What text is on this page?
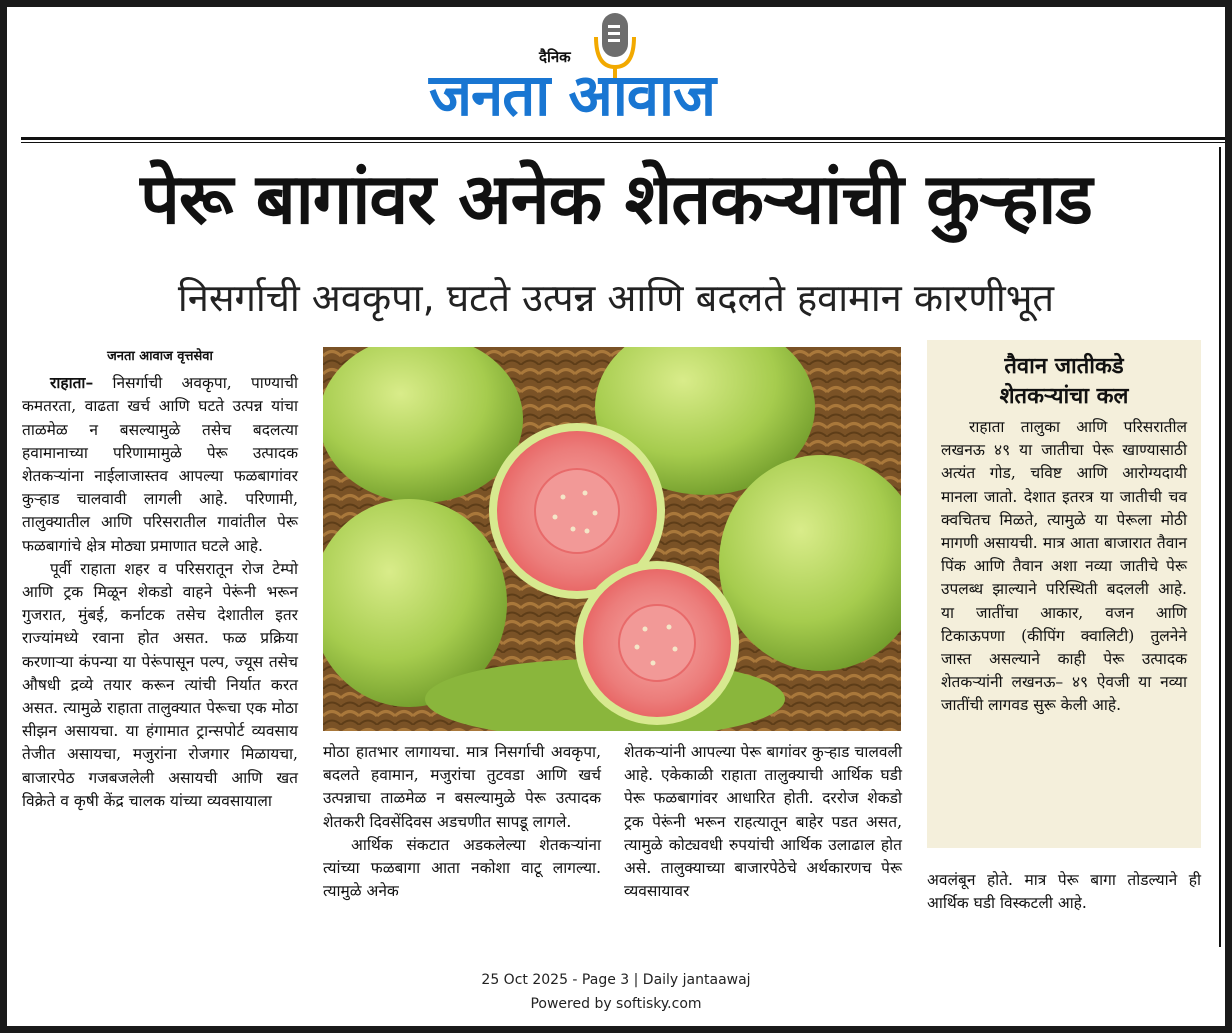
दैनिक
जनता आवाज
पेरू बागांवर अनेक शेतकऱ्यांची कुऱ्हाड
निसर्गाची अवकृपा, घटते उत्पन्न आणि बदलते हवामान कारणीभूत
जनता आवाज वृत्तसेवा

राहाता– निसर्गाची अवकृपा, पाण्याची कमतरता, वाढता खर्च आणि घटते उत्पन्न यांचा ताळमेळ न बसल्यामुळे तसेच बदलत्या हवामानाच्या परिणामामुळे पेरू उत्पादक शेतकऱ्यांना नाईलाजास्तव आपल्या फळबागांवर कुऱ्हाड चालवावी लागली आहे. परिणामी, तालुक्यातील आणि परिसरातील गावांतील पेरू फळबागांचे क्षेत्र मोठ्या प्रमाणात घटले आहे.

पूर्वी राहाता शहर व परिसरातून रोज टेम्पो आणि ट्रक मिळून शेकडो वाहने पेरूंनी भरून गुजरात, मुंबई, कर्नाटक तसेच देशातील इतर राज्यांमध्ये रवाना होत असत. फळ प्रक्रिया करणाऱ्या कंपन्या या पेरूंपासून पल्प, ज्यूस तसेच औषधी द्रव्ये तयार करून त्यांची निर्यात करत असत. त्यामुळे राहाता तालुक्यात पेरूचा एक मोठा सीझन असायचा. या हंगामात ट्रान्सपोर्ट व्यवसाय तेजीत असायचा, मजुरांना रोजगार मिळायचा, बाजारपेठ गजबजलेली असायची आणि खत विक्रेते व कृषी केंद्र चालक यांच्या व्यवसायाला

मोठा हातभार लागायचा. मात्र निसर्गाची अवकृपा, बदलते हवामान, मजुरांचा तुटवडा आणि खर्च उत्पन्नाचा ताळमेळ न बसल्यामुळे पेरू उत्पादक शेतकरी दिवसेंदिवस अडचणीत सापडू लागले.

आर्थिक संकटात अडकलेल्या शेतकऱ्यांना त्यांच्या फळबागा आता नकोशा वाटू लागल्या. त्यामुळे अनेक

शेतकऱ्यांनी आपल्या पेरू बागांवर कुऱ्हाड चालवली आहे. एकेकाळी राहाता तालुक्याची आर्थिक घडी पेरू फळबागांवर आधारित होती. दररोज शेकडो ट्रक पेरूंनी भरून राहत्यातून बाहेर पडत असत, त्यामुळे कोट्यवधी रुपयांची आर्थिक उलाढाल होत असे. तालुक्याच्या बाजारपेठेचे अर्थकारणच पेरू व्यवसायावर

तैवान जातीकडे
शेतकऱ्यांचा कल

राहाता तालुका आणि परिसरातील लखनऊ ४९ या जातीचा पेरू खाण्यासाठी अत्यंत गोड, चविष्ट आणि आरोग्यदायी मानला जातो. देशात इतरत्र या जातीची चव क्वचितच मिळते, त्यामुळे या पेरूला मोठी मागणी असायची. मात्र आता बाजारात तैवान पिंक आणि तैवान अशा नव्या जातीचे पेरू उपलब्ध झाल्याने परिस्थिती बदलली आहे. या जातींचा आकार, वजन आणि टिकाऊपणा (कीपिंग क्वालिटी) तुलनेने जास्त असल्याने काही पेरू उत्पादक शेतकऱ्यांनी लखनऊ– ४९ ऐवजी या नव्या जातींची लागवड सुरू केली आहे.

अवलंबून होते. मात्र पेरू बागा तोडल्याने ही आर्थिक घडी विस्कटली आहे.

25 Oct 2025 - Page 3 | Daily jantaawaj
Powered by softisky.com
